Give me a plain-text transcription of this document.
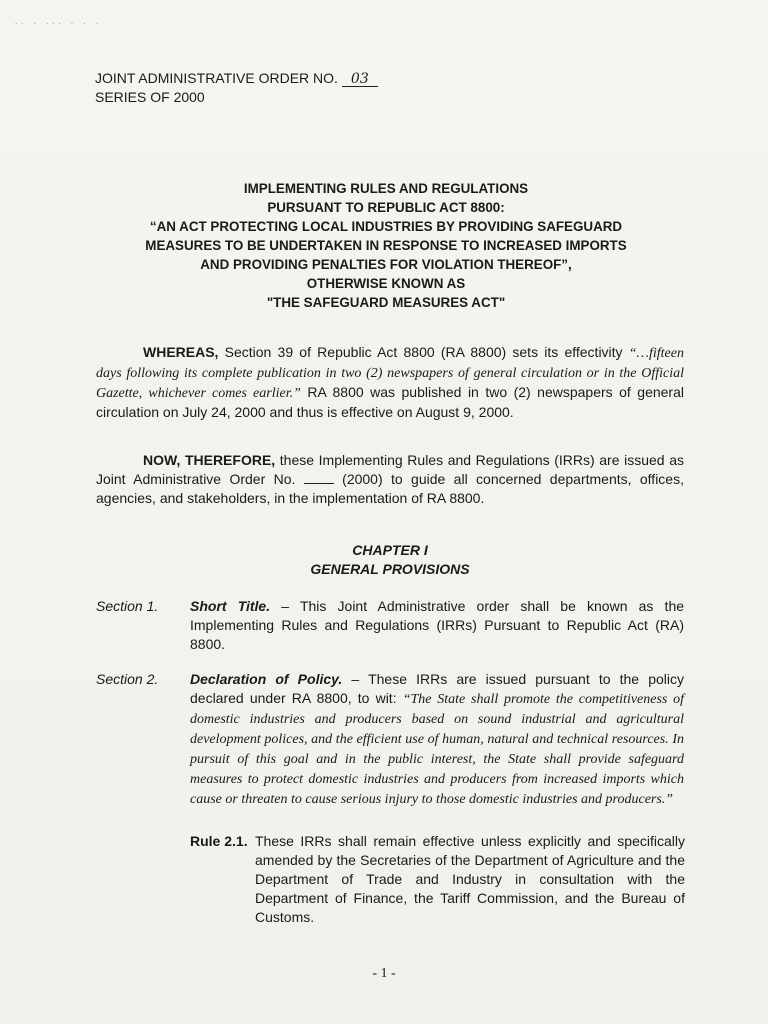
·· · ··· · · ·
JOINT ADMINISTRATIVE ORDER NO. 03
SERIES OF 2000
IMPLEMENTING RULES AND REGULATIONS
PURSUANT TO REPUBLIC ACT 8800:
“AN ACT PROTECTING LOCAL INDUSTRIES BY PROVIDING SAFEGUARD
MEASURES TO BE UNDERTAKEN IN RESPONSE TO INCREASED IMPORTS
AND PROVIDING PENALTIES FOR VIOLATION THEREOF”,
OTHERWISE KNOWN AS
"THE SAFEGUARD MEASURES ACT"
WHEREAS, Section 39 of Republic Act 8800 (RA 8800) sets its effectivity “…fifteen days following its complete publication in two (2) newspapers of general circulation or in the Official Gazette, whichever comes earlier.” RA 8800 was published in two (2) newspapers of general circulation on July 24, 2000 and thus is effective on August 9, 2000.
NOW, THEREFORE, these Implementing Rules and Regulations (IRRs) are issued as Joint Administrative Order No.  (2000) to guide all concerned departments, offices, agencies, and stakeholders, in the implementation of RA 8800.
CHAPTER I
GENERAL PROVISIONS
Section 1. Short Title. – This Joint Administrative order shall be known as the Implementing Rules and Regulations (IRRs) Pursuant to Republic Act (RA) 8800.
Section 2. Declaration of Policy. – These IRRs are issued pursuant to the policy declared under RA 8800, to wit: “The State shall promote the competitiveness of domestic industries and producers based on sound industrial and agricultural development polices, and the efficient use of human, natural and technical resources. In pursuit of this goal and in the public interest, the State shall provide safeguard measures to protect domestic industries and producers from increased imports which cause or threaten to cause serious injury to those domestic industries and producers.”
Rule 2.1. These IRRs shall remain effective unless explicitly and specifically amended by the Secretaries of the Department of Agriculture and the Department of Trade and Industry in consultation with the Department of Finance, the Tariff Commission, and the Bureau of Customs.
- 1 -
